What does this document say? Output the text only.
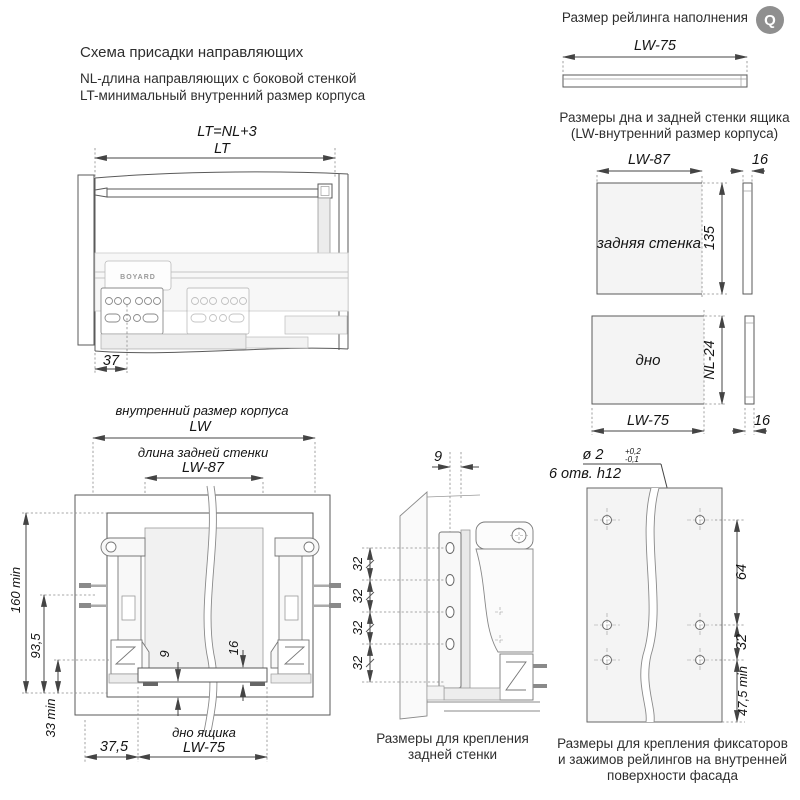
Схема присадки направляющих
NL-длина направляющих с боковой стенкой
LT-минимальный внутренний размер корпуса
Размер рейлинга наполнения	Q
LW-75
Размеры дна и задней стенки ящика
(LW-внутренний размер корпуса)
задняя стенка
LW-87
135
16
дно	NL-24
LW-75	16
LT=NL+3
LT
BOYARD
37
внутренний размер корпуса
LW
длина задней стенки
LW-87
160 min
93,5
33 min
37,5
дно ящика
LW-75
9	16
9
32
32
32
32
Размеры для крепления
задней стенки
ø 2	+0,2
-0,1
6 отв. h12
64
32
47,5 min
Размеры для крепления фиксаторов
и зажимов рейлингов на внутренней
поверхности фасада
